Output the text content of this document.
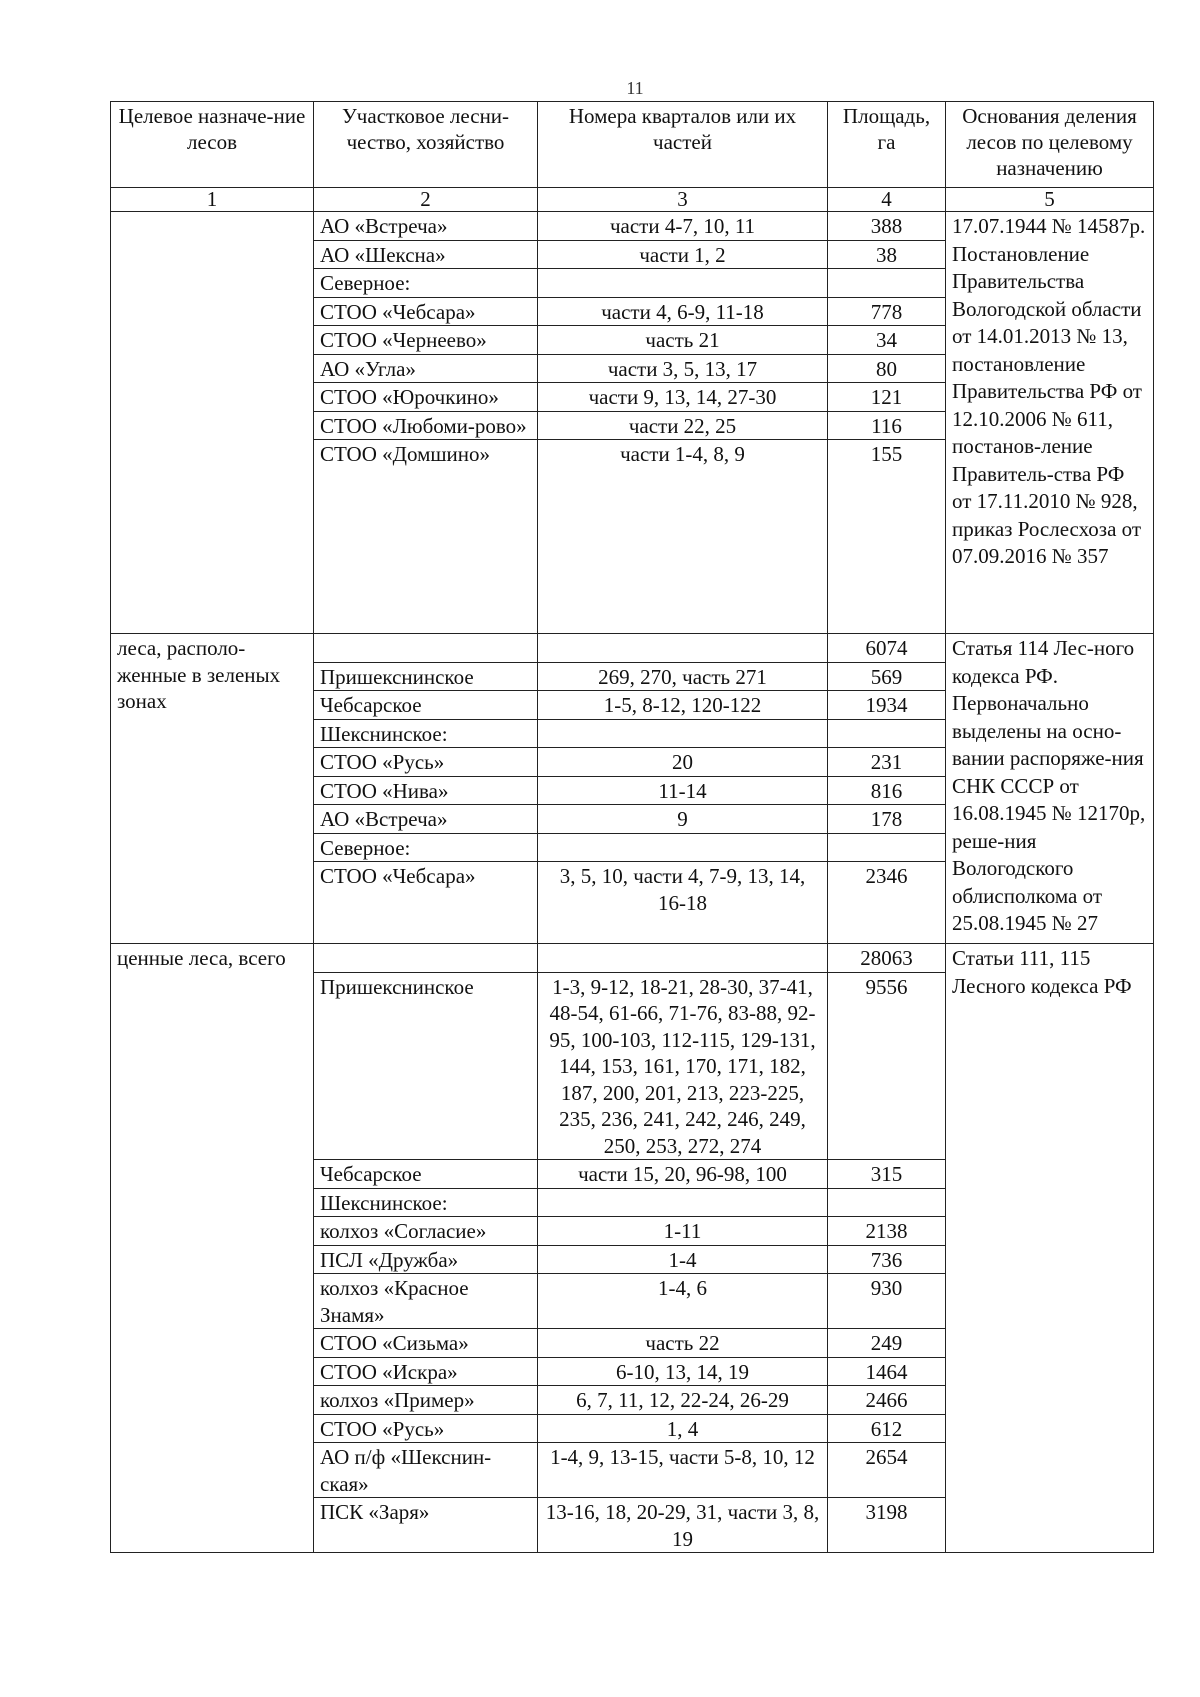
11
Целевое назначе-ние лесов	Участковое лесни-чество, хозяйство	Номера кварталов или их частей	Площадь, га	Основания деления лесов по целевому назначению
1	2	3	4	5
	АО «Встреча»	части 4-7, 10, 11	388	17.07.1944 № 14587р. Постановление Правительства Вологодской области от 14.01.2013 № 13, постановление Правительства РФ от 12.10.2006 № 611, постанов-ление Правитель-ства РФ от 17.11.2010 № 928, приказ Рослесхоза от 07.09.2016 № 357
	АО «Шексна»	части 1, 2	38	
	Северное:			
	СТОО «Чебсара»	части 4, 6-9, 11-18	778	
	СТОО «Чернеево»	часть 21	34	
	АО «Угла»	части 3, 5, 13, 17	80	
	СТОО «Юрочкино»	части 9, 13, 14, 27-30	121	
	СТОО «Любоми-рово»	части 22, 25	116	
	СТОО «Домшино»	части 1-4, 8, 9	155	
леса, располо-женные в зеленых зонах			6074	Статья 114 Лес-ного кодекса РФ. Первоначально выделены на осно-вании распоряже-ния СНК СССР от 16.08.1945 № 12170р, реше-ния Вологодского облисполкома от 25.08.1945 № 27
	Пришекснинское	269, 270, часть 271	569	
	Чебсарское	1-5, 8-12, 120-122	1934	
	Шекснинское:			
	СТОО «Русь»	20	231	
	СТОО «Нива»	11-14	816	
	АО «Встреча»	9	178	
	Северное:			
	СТОО «Чебсара»	3, 5, 10, части 4, 7-9, 13, 14, 16-18	2346	
ценные леса, всего			28063	Статьи 111, 115 Лесного кодекса РФ
	Пришекснинское	1-3, 9-12, 18-21, 28-30, 37-41, 48-54, 61-66, 71-76, 83-88, 92-95, 100-103, 112-115, 129-131, 144, 153, 161, 170, 171, 182, 187, 200, 201, 213, 223-225, 235, 236, 241, 242, 246, 249, 250, 253, 272, 274	9556	
	Чебсарское	части 15, 20, 96-98, 100	315	
	Шекснинское:			
	колхоз «Согласие»	1-11	2138	
	ПСЛ «Дружба»	1-4	736	
	колхоз «Красное Знамя»	1-4, 6	930	
	СТОО «Сизьма»	часть 22	249	
	СТОО «Искра»	6-10, 13, 14, 19	1464	
	колхоз «Пример»	6, 7, 11, 12, 22-24, 26-29	2466	
	СТОО «Русь»	1, 4	612	
	АО п/ф «Шекснин-ская»	1-4, 9, 13-15, части 5-8, 10, 12	2654	
	ПСК «Заря»	13-16, 18, 20-29, 31, части 3, 8, 19	3198	
